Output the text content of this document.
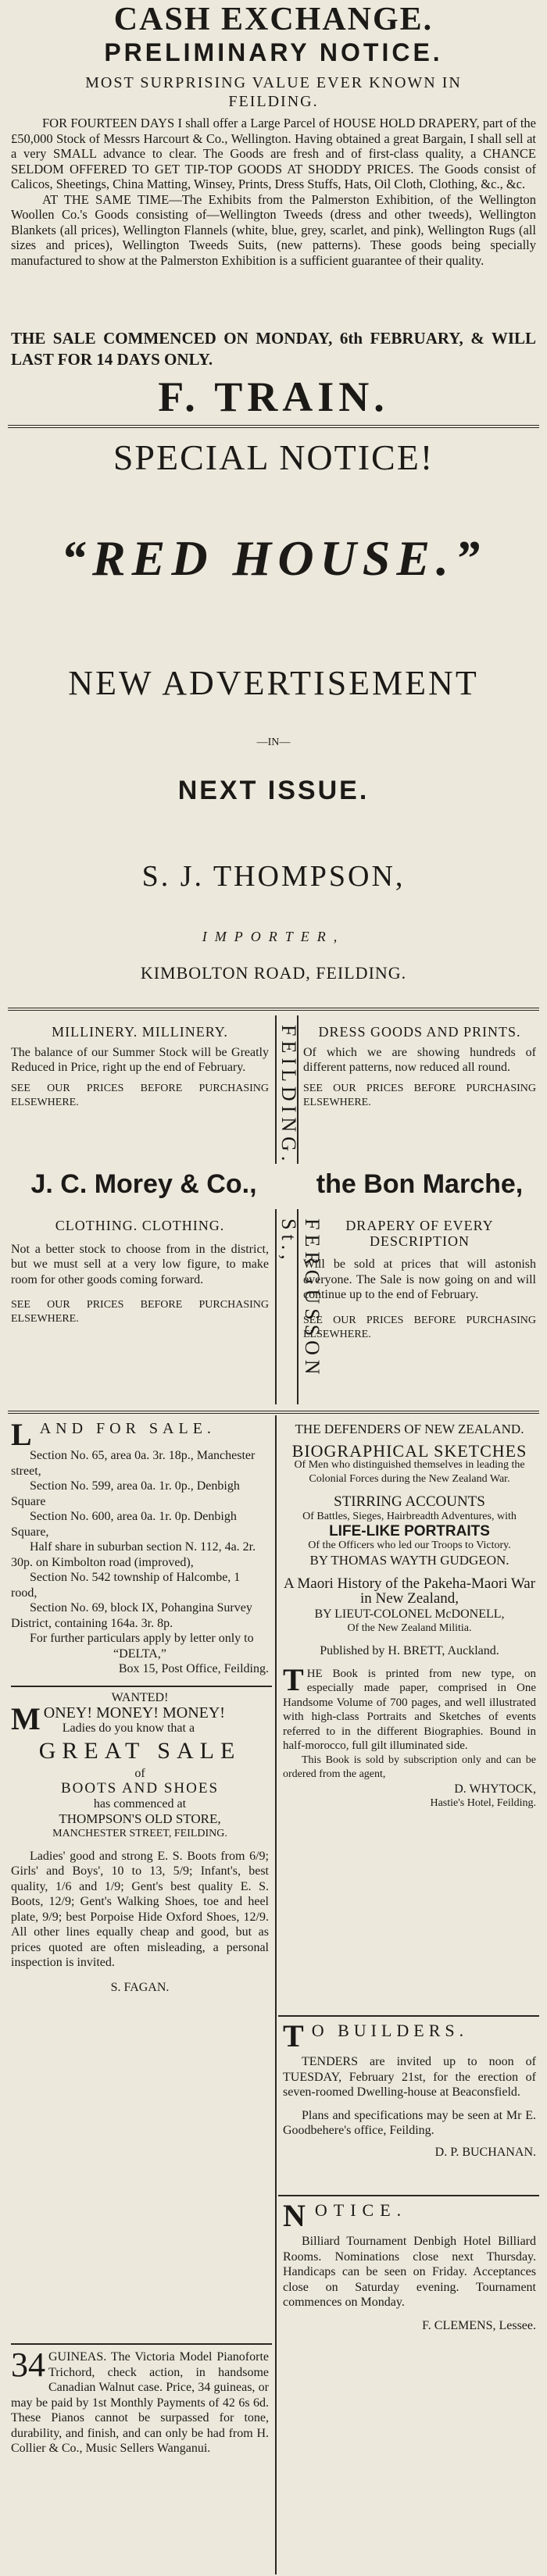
CASH EXCHANGE.
PRELIMINARY NOTICE.
MOST SURPRISING VALUE EVER KNOWN IN
FEILDING.

FOR FOURTEEN DAYS I shall offer a Large Parcel of HOUSE HOLD DRAPERY, part of the £50,000 Stock of Messrs Harcourt & Co., Wellington. Having obtained a great Bargain, I shall sell at a very SMALL advance to clear. The Goods are fresh and of first-class quality, a CHANCE SELDOM OFFERED TO GET TIP-TOP GOODS AT SHODDY PRICES. The Goods consist of Calicos, Sheetings, China Matting, Winsey, Prints, Dress Stuffs, Hats, Oil Cloth, Clothing, &c., &c.

AT THE SAME TIME—The Exhibits from the Palmerston Exhibition, of the Wellington Woollen Co.'s Goods consisting of—Wellington Tweeds (dress and other tweeds), Wellington Blankets (all prices), Wellington Flannels (white, blue, grey, scarlet, and pink), Wellington Rugs (all sizes and prices), Wellington Tweeds Suits, (new patterns). These goods being specially manufactured to show at the Palmerston Exhibition is a sufficient guarantee of their quality.

THE SALE COMMENCED ON MONDAY, 6th FEBRUARY, & WILL LAST FOR 14 DAYS ONLY.
F. TRAIN.
SPECIAL NOTICE!
“RED HOUSE.”
NEW ADVERTISEMENT
—IN—
NEXT ISSUE.
S. J. THOMPSON,
IMPORTER,
KIMBOLTON ROAD, FEILDING.

MILLINERY. MILLINERY.

The balance of our Summer Stock will be Greatly Reduced in Price, right up the end of February.

SEE OUR PRICES BEFORE PURCHASING ELSEWHERE.	FEILDING.	DRESS GOODS AND PRINTS.

Of which we are showing hundreds of different patterns, now reduced all round.

SEE OUR PRICES BEFORE PURCHASING ELSEWHERE.

J. C. Morey & Co.,	the Bon Marche,

CLOTHING. CLOTHING.

Not a better stock to choose from in the district, but we must sell at a very low figure, to make room for other goods coming forward.

SEE OUR PRICES BEFORE PURCHASING ELSEWHERE.	FERGUSSON St.,	DRAPERY OF EVERY DESCRIPTION

Will be sold at prices that will astonish everyone. The Sale is now going on and will continue up to the end of February.

SEE OUR PRICES BEFORE PURCHASING ELSEWHERE.

LAND FOR SALE.

Section No. 65, area 0a. 3r. 18p., Manchester street,

Section No. 599, area 0a. 1r. 0p., Denbigh Square

Section No. 600, area 0a. 1r. 0p. Denbigh Square,

Half share in suburban section N. 112, 4a. 2r. 30p. on Kimbolton road (improved),

Section No. 542 township of Halcombe, 1 rood,

Section No. 69, block IX, Pohangina Survey District, containing 164a. 3r. 8p.

For further particulars apply by letter only to

“DELTA,”

Box 15, Post Office, Feilding.

WANTED!

MONEY! MONEY! MONEY!

Ladies do you know that a

GREAT SALE

of

BOOTS AND SHOES

has commenced at

THOMPSON'S OLD STORE,

MANCHESTER STREET, FEILDING.

Ladies' good and strong E. S. Boots from 6/9; Girls' and Boys', 10 to 13, 5/9; Infant's, best quality, 1/6 and 1/9; Gent's best quality E. S. Boots, 12/9; Gent's Walking Shoes, toe and heel plate, 9/9; best Porpoise Hide Oxford Shoes, 12/9. All other lines equally cheap and good, but as prices quoted are often misleading, a personal inspection is invited.

S. FAGAN.

34 GUINEAS. The Victoria Model Pianoforte Trichord, check action, in handsome Canadian Walnut case. Price, 34 guineas, or may be paid by 1st Monthly Payments of 42 6s 6d. These Pianos cannot be surpassed for tone, durability, and finish, and can only be had from H. Collier & Co., Music Sellers Wanganui.

THE DEFENDERS OF NEW ZEALAND.

BIOGRAPHICAL SKETCHES

Of Men who distinguished themselves in leading the Colonial Forces during the New Zealand War.

STIRRING ACCOUNTS

Of Battles, Sieges, Hairbreadth Adventures, with

LIFE-LIKE PORTRAITS

Of the Officers who led our Troops to Victory.

BY THOMAS WAYTH GUDGEON.

A Maori History of the Pakeha-Maori War in New Zealand,

BY LIEUT-COLONEL McDONELL,

Of the New Zealand Militia.

Published by H. BRETT, Auckland.

THE Book is printed from new type, on especially made paper, comprised in One Handsome Volume of 700 pages, and well illustrated with high-class Portraits and Sketches of events referred to in the different Biographies. Bound in half-morocco, full gilt illuminated side.

This Book is sold by subscription only and can be ordered from the agent,

D. WHYTOCK,

Hastie's Hotel, Feilding.

T O BUILDERS.

TENDERS are invited up to noon of TUESDAY, February 21st, for the erection of seven-roomed Dwelling-house at Beaconsfield.

Plans and specifications may be seen at Mr E. Goodbehere's office, Feilding.

D. P. BUCHANAN.

NOTICE.

Billiard Tournament Denbigh Hotel Billiard Rooms. Nominations close next Thursday. Handicaps can be seen on Friday. Acceptances close on Saturday evening. Tournament commences on Monday.

F. CLEMENS, Lessee.
